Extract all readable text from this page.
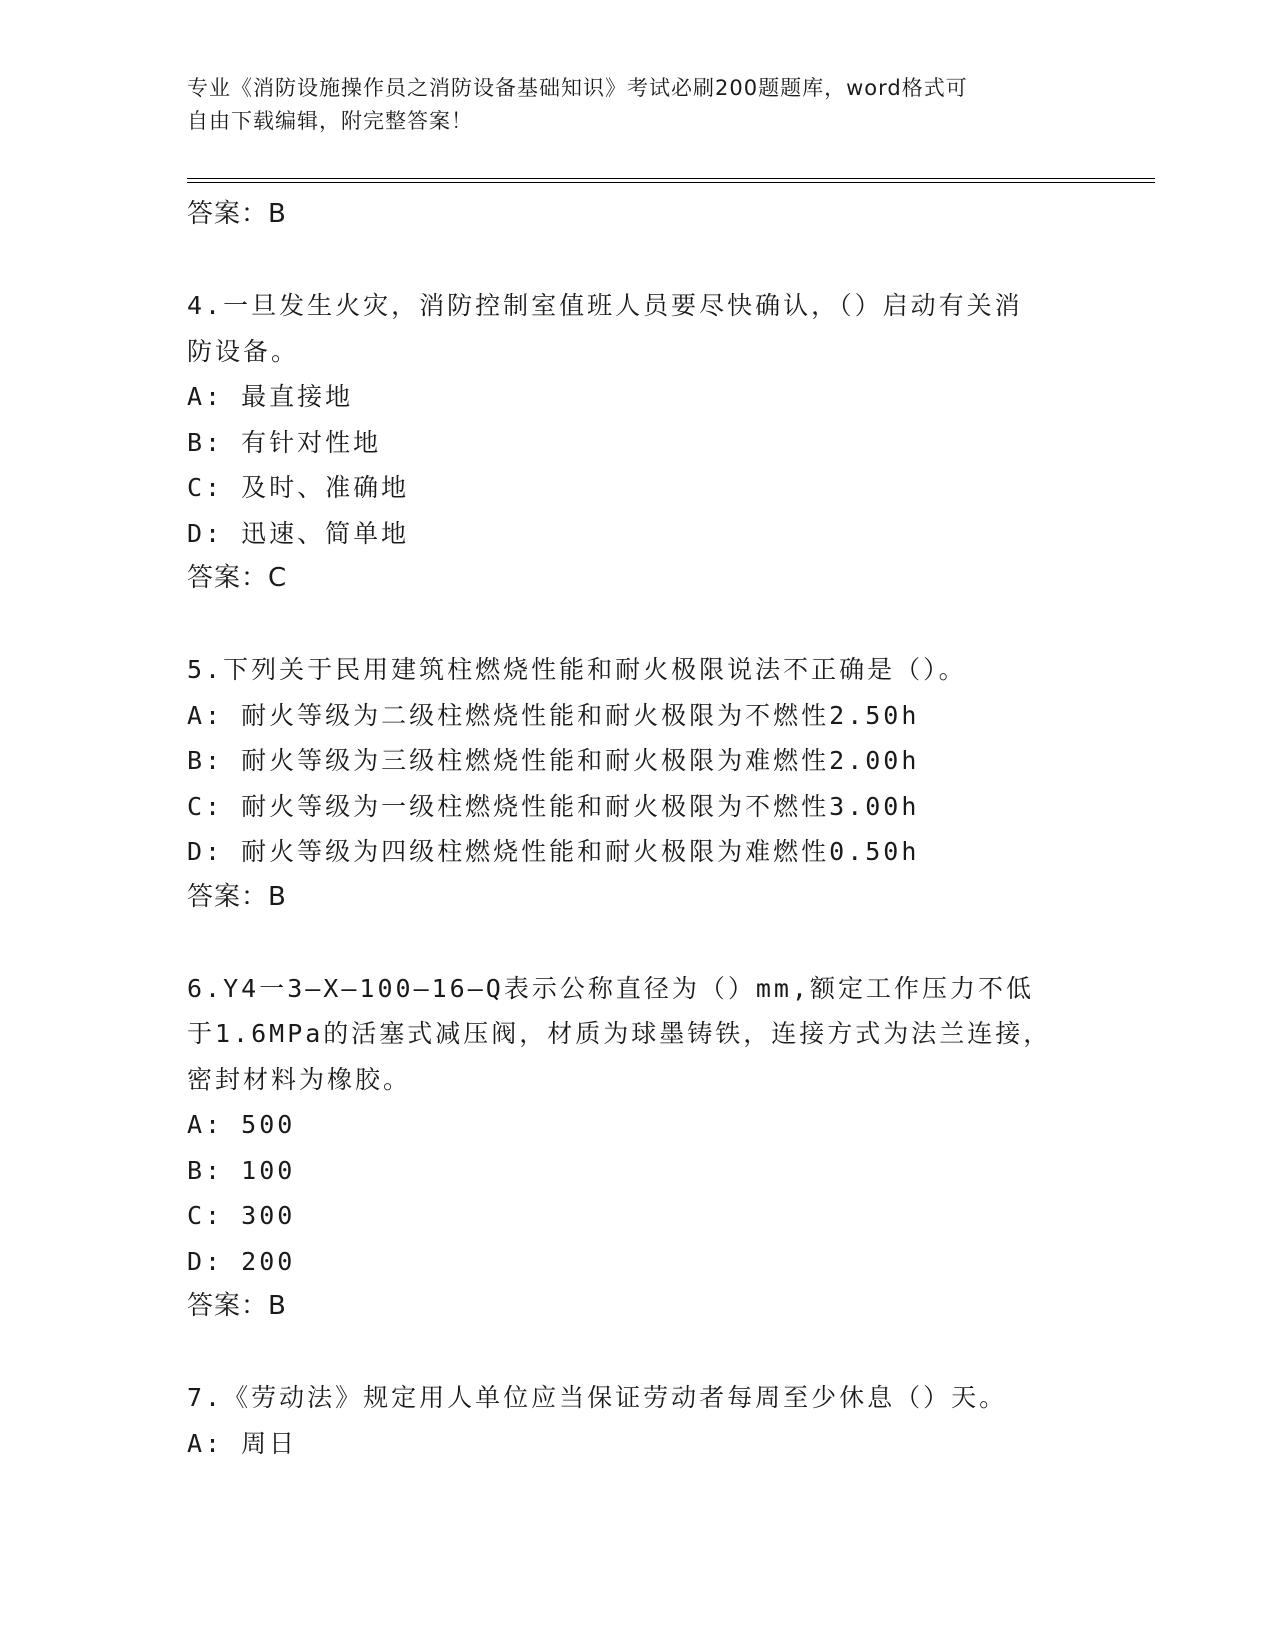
专业《消防设施操作员之消防设备基础知识》考试必刷200题题库，word格式可
自由下载编辑，附完整答案！
答案：B
4.一旦发生火灾，消防控制室值班人员要尽快确认，（）启动有关消
防设备。
A: 最直接地
B: 有针对性地
C: 及时、准确地
D: 迅速、简单地
答案：C
5.下列关于民用建筑柱燃烧性能和耐火极限说法不正确是（）。
A: 耐火等级为二级柱燃烧性能和耐火极限为不燃性2.50h
B: 耐火等级为三级柱燃烧性能和耐火极限为难燃性2.00h
C: 耐火等级为一级柱燃烧性能和耐火极限为不燃性3.00h
D: 耐火等级为四级柱燃烧性能和耐火极限为难燃性0.50h
答案：B
6.Y4一3—X—100—16—Q表示公称直径为（）mm,额定工作压力不低
于1.6MPa的活塞式减压阀，材质为球墨铸铁，连接方式为法兰连接，
密封材料为橡胶。
A: 500
B: 100
C: 300
D: 200
答案：B
7.《劳动法》规定用人单位应当保证劳动者每周至少休息（）天。
A: 周日
